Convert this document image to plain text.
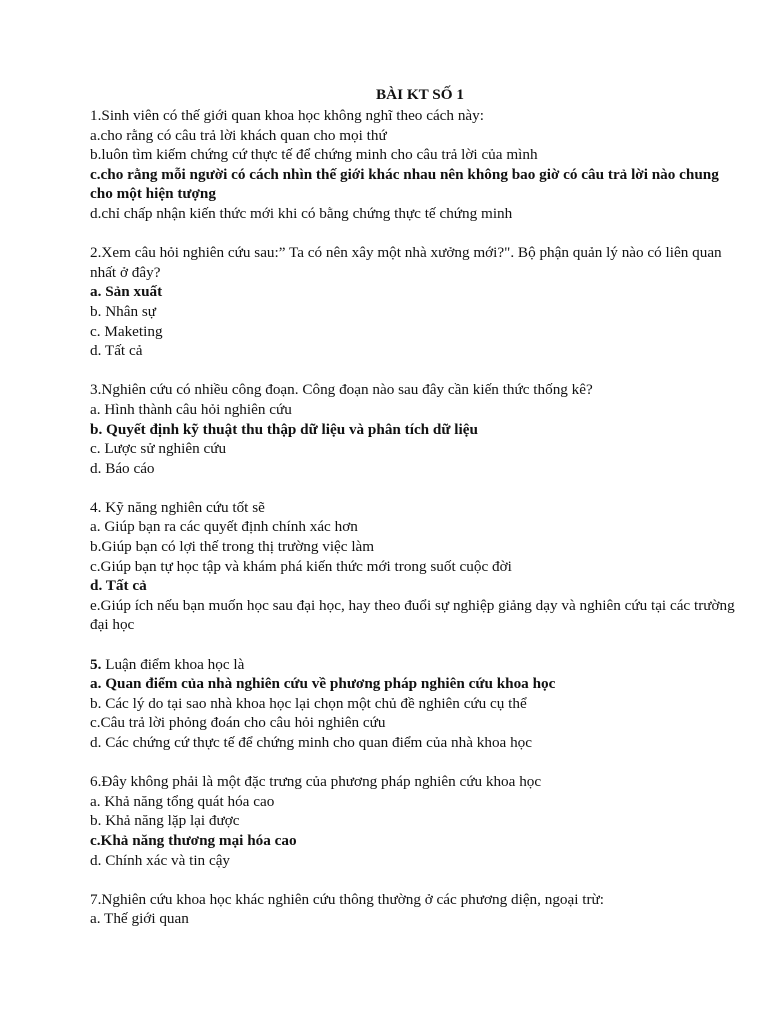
BÀI KT SỐ 1

1.Sinh viên có thế giới quan khoa học không nghĩ theo cách này:

a.cho rằng có câu trả lời khách quan cho mọi thứ

b.luôn tìm kiếm chứng cứ thực tế để chứng minh cho câu trả lời của mình

c.cho rằng mỗi người có cách nhìn thế giới khác nhau nên không bao giờ có câu trả lời nào chung cho một hiện tượng

d.chỉ chấp nhận kiến thức mới khi có bằng chứng thực tế chứng minh

2.Xem câu hỏi nghiên cứu sau:” Ta có nên xây một nhà xưởng mới?". Bộ phận quản lý nào có liên quan nhất ở đây?

a. Sản xuất

b. Nhân sự

c. Maketing

d. Tất cả

3.Nghiên cứu có nhiều công đoạn. Công đoạn nào sau đây cần kiến thức thống kê?

a. Hình thành câu hỏi nghiên cứu

b. Quyết định kỹ thuật thu thập dữ liệu và phân tích dữ liệu

c. Lược sử nghiên cứu

d. Báo cáo

4. Kỹ năng nghiên cứu tốt sẽ

a. Giúp bạn ra các quyết định chính xác hơn

b.Giúp bạn có lợi thế trong thị trường việc làm

c.Giúp bạn tự học tập và khám phá kiến thức mới trong suốt cuộc đời

d. Tất cả

e.Giúp ích nếu bạn muốn học sau đại học, hay theo đuổi sự nghiệp giảng dạy và nghiên cứu tại các trường đại học

5. Luận điểm khoa học là

a. Quan điểm của nhà nghiên cứu về phương pháp nghiên cứu khoa học

b. Các lý do tại sao nhà khoa học lại chọn một chủ đề nghiên cứu cụ thể

c.Câu trả lời phỏng đoán cho câu hỏi nghiên cứu

d. Các chứng cứ thực tế để chứng minh cho quan điểm của nhà khoa học

6.Đây không phải là một đặc trưng của phương pháp nghiên cứu khoa học

a. Khả năng tổng quát hóa cao

b. Khả năng lặp lại được

c.Khả năng thương mại hóa cao

d. Chính xác và tin cậy

7.Nghiên cứu khoa học khác nghiên cứu thông thường ở các phương diện, ngoại trừ:

a. Thế giới quan
